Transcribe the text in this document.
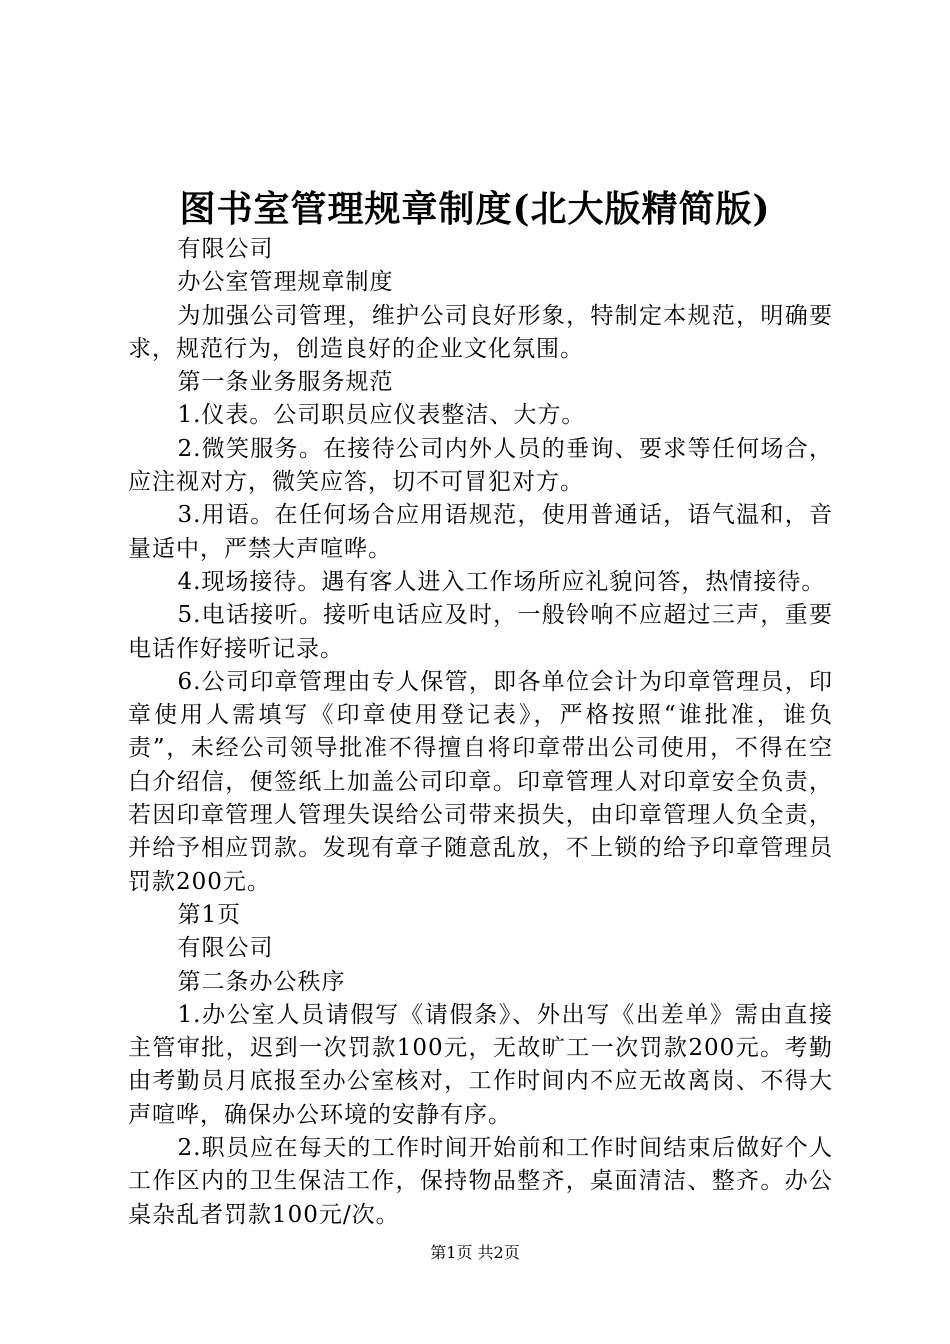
图书室管理规章制度(北大版精简版)

有限公司

办公室管理规章制度

为加强公司管理，维护公司良好形象，特制定本规范，明确要求，规范行为，创造良好的企业文化氛围。

第一条业务服务规范

1.仪表。公司职员应仪表整洁、大方。

2.微笑服务。在接待公司内外人员的垂询、要求等任何场合，应注视对方，微笑应答，切不可冒犯对方。

3.用语。在任何场合应用语规范，使用普通话，语气温和，音量适中，严禁大声喧哗。

4.现场接待。遇有客人进入工作场所应礼貌问答，热情接待。

5.电话接听。接听电话应及时，一般铃响不应超过三声，重要电话作好接听记录。

6.公司印章管理由专人保管，即各单位会计为印章管理员，印章使用人需填写《印章使用登记表》，严格按照“谁批准，谁负责”，未经公司领导批准不得擅自将印章带出公司使用，不得在空白介绍信，便签纸上加盖公司印章。印章管理人对印章安全负责，若因印章管理人管理失误给公司带来损失，由印章管理人负全责，并给予相应罚款。发现有章子随意乱放，不上锁的给予印章管理员罚款200元。

第1页

有限公司

第二条办公秩序

1.办公室人员请假写《请假条》、外出写《出差单》需由直接主管审批，迟到一次罚款100元，无故旷工一次罚款200元。考勤由考勤员月底报至办公室核对，工作时间内不应无故离岗、不得大声喧哗，确保办公环境的安静有序。

2.职员应在每天的工作时间开始前和工作时间结束后做好个人工作区内的卫生保洁工作，保持物品整齐，桌面清洁、整齐。办公桌杂乱者罚款100元/次。

第1页 共2页
